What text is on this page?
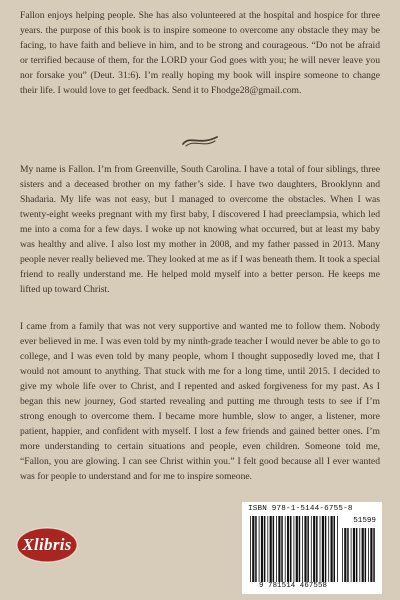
Fallon enjoys helping people. She has also volunteered at the hospital and hospice for three years. the purpose of this book is to inspire someone to overcome any obstacle they may be facing, to have faith and believe in him, and to be strong and courageous. “Do not be afraid or terrified because of them, for the LORD your God goes with you; he will never leave you nor forsake you” (Deut. 31:6). I’m really hoping my book will inspire someone to change their life. I would love to get feedback. Send it to Fhodge28@gmail.com.

My name is Fallon. I’m from Greenville, South Carolina. I have a total of four siblings, three sisters and a deceased brother on my father’s side. I have two daughters, Brooklynn and Shadaria. My life was not easy, but I managed to overcome the obstacles. When I was twenty-eight weeks pregnant with my first baby, I discovered I had preeclampsia, which led me into a coma for a few days. I woke up not knowing what occurred, but at least my baby was healthy and alive. I also lost my mother in 2008, and my father passed in 2013. Many people never really believed me. They looked at me as if I was beneath them. It took a special friend to really understand me. He helped mold myself into a better person. He keeps me lifted up toward Christ.

I came from a family that was not very supportive and wanted me to follow them. Nobody ever believed in me. I was even told by my ninth-grade teacher I would never be able to go to college, and I was even told by many people, whom I thought supposedly loved me, that I would not amount to anything. That stuck with me for a long time, until 2015. I decided to give my whole life over to Christ, and I repented and asked forgiveness for my past. As I began this new journey, God started revealing and putting me through tests to see if I’m strong enough to overcome them. I became more humble, slow to anger, a listener, more patient, happier, and confident with myself. I lost a few friends and gained better ones. I’m more understanding to certain situations and people, even children. Someone told me, “Fallon, you are glowing. I can see Christ within you.” I felt good because all I ever wanted was for people to understand and for me to inspire someone.

Xlibris
ISBN 978-1-5144-6755-8
51599
9 781514 467558
